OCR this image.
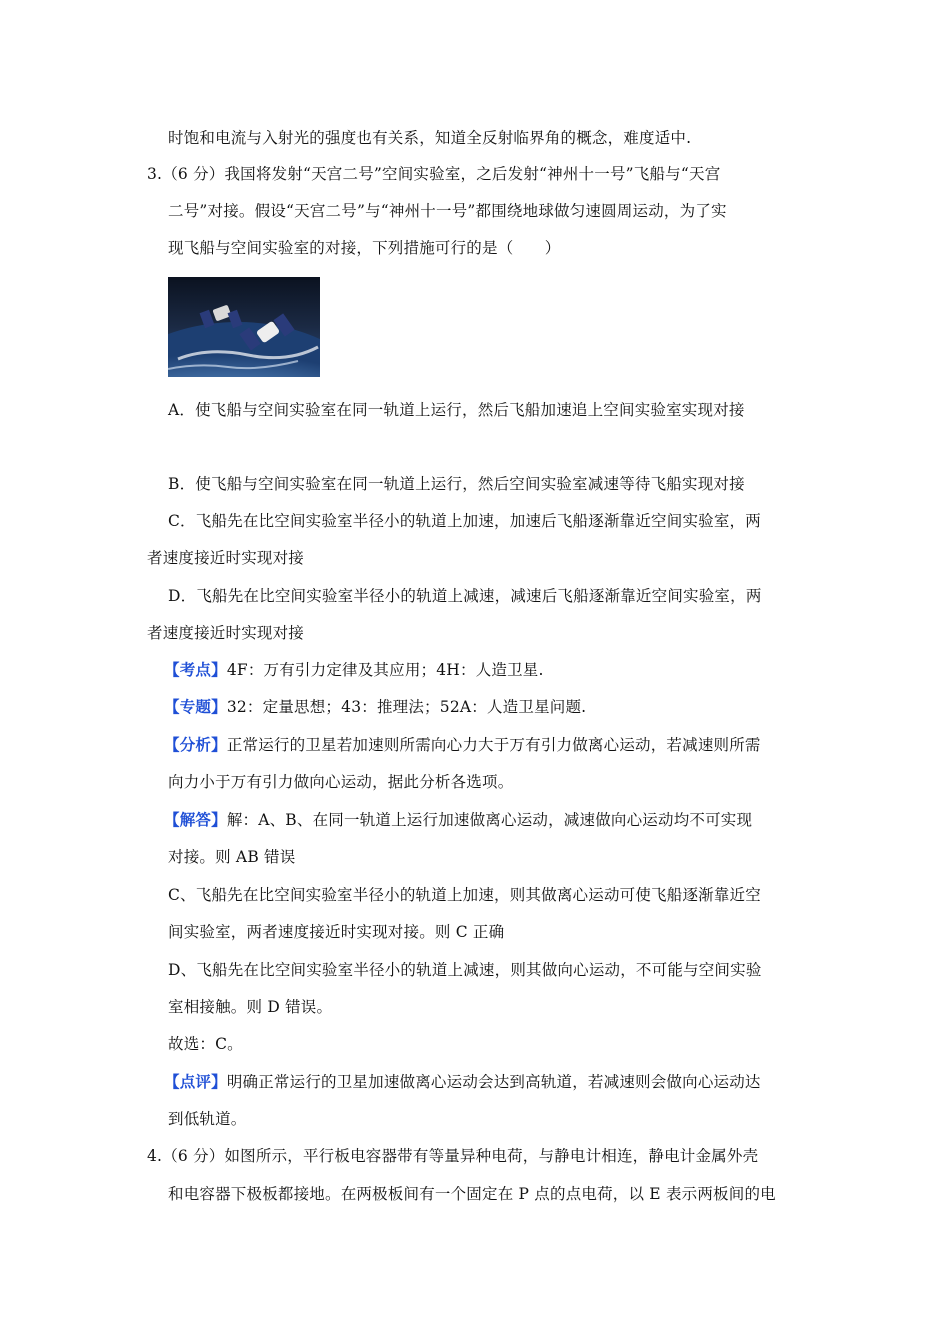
时饱和电流与入射光的强度也有关系，知道全反射临界角的概念，难度适中.
3.（6 分）我国将发射“天宫二号”空间实验室，之后发射“神州十一号”飞船与“天宫
二号”对接。假设“天宫二号”与“神州十一号”都围绕地球做匀速圆周运动，为了实
现飞船与空间实验室的对接，下列措施可行的是（　　）
A．使飞船与空间实验室在同一轨道上运行，然后飞船加速追上空间实验室实现对接
B．使飞船与空间实验室在同一轨道上运行，然后空间实验室减速等待飞船实现对接
C．飞船先在比空间实验室半径小的轨道上加速，加速后飞船逐渐靠近空间实验室，两
者速度接近时实现对接
D．飞船先在比空间实验室半径小的轨道上减速，减速后飞船逐渐靠近空间实验室，两
者速度接近时实现对接
【考点】4F：万有引力定律及其应用；4H：人造卫星.
【专题】32：定量思想；43：推理法；52A：人造卫星问题.
【分析】正常运行的卫星若加速则所需向心力大于万有引力做离心运动，若减速则所需
向力小于万有引力做向心运动，据此分析各选项。
【解答】解：A、B、在同一轨道上运行加速做离心运动，减速做向心运动均不可实现
对接。则 AB 错误
C、飞船先在比空间实验室半径小的轨道上加速，则其做离心运动可使飞船逐渐靠近空
间实验室，两者速度接近时实现对接。则 C 正确
D、飞船先在比空间实验室半径小的轨道上减速，则其做向心运动，不可能与空间实验
室相接触。则 D 错误。
故选：C。
【点评】明确正常运行的卫星加速做离心运动会达到高轨道，若减速则会做向心运动达
到低轨道。
4.（6 分）如图所示，平行板电容器带有等量异种电荷，与静电计相连，静电计金属外壳
和电容器下极板都接地。在两极板间有一个固定在 P 点的点电荷，以 E 表示两板间的电
